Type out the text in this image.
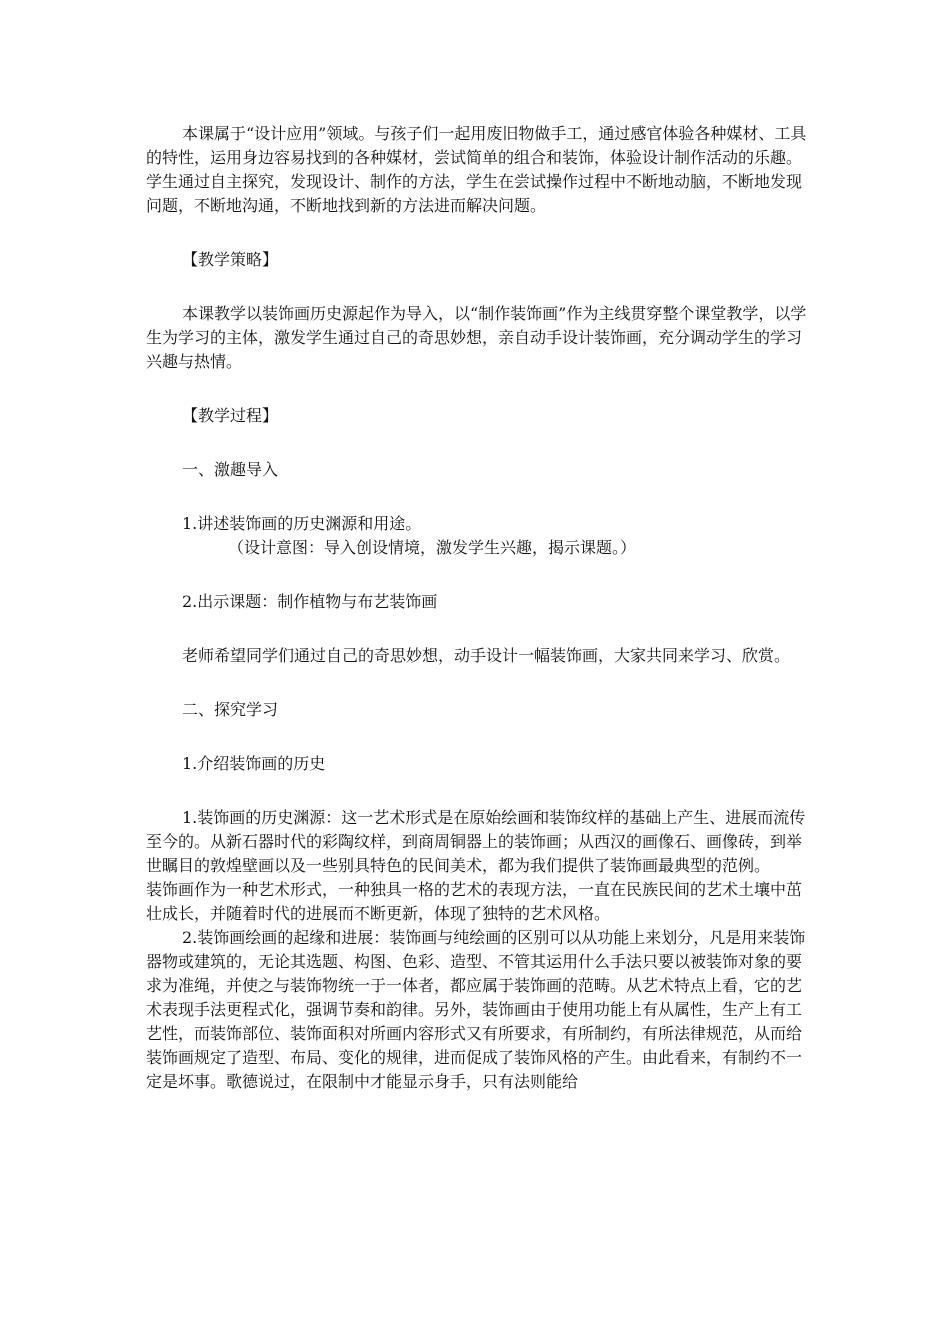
本课属于“设计应用”领域。与孩子们一起用废旧物做手工，通过感官体验各种媒材、工具的特性，运用身边容易找到的各种媒材，尝试简单的组合和装饰，体验设计制作活动的乐趣。学生通过自主探究，发现设计、制作的方法，学生在尝试操作过程中不断地动脑，不断地发现问题，不断地沟通，不断地找到新的方法进而解决问题。

【教学策略】

本课教学以装饰画历史源起作为导入，以“制作装饰画”作为主线贯穿整个课堂教学，以学生为学习的主体，激发学生通过自己的奇思妙想，亲自动手设计装饰画，充分调动学生的学习兴趣与热情。

【教学过程】

一、激趣导入

1.讲述装饰画的历史渊源和用途。

（设计意图：导入创设情境，激发学生兴趣，揭示课题。）

2.出示课题：制作植物与布艺装饰画

老师希望同学们通过自己的奇思妙想，动手设计一幅装饰画，大家共同来学习、欣赏。

二、探究学习

1.介绍装饰画的历史

1.装饰画的历史渊源：这一艺术形式是在原始绘画和装饰纹样的基础上产生、进展而流传至今的。从新石器时代的彩陶纹样，到商周铜器上的装饰画；从西汉的画像石、画像砖，到举世瞩目的敦煌壁画以及一些别具特色的民间美术，都为我们提供了装饰画最典型的范例。

装饰画作为一种艺术形式，一种独具一格的艺术的表现方法，一直在民族民间的艺术土壤中茁壮成长，并随着时代的进展而不断更新，体现了独特的艺术风格。

2.装饰画绘画的起缘和进展：装饰画与纯绘画的区别可以从功能上来划分，凡是用来装饰器物或建筑的，无论其选题、构图、色彩、造型、不管其运用什么手法只要以被装饰对象的要求为准绳，并使之与装饰物统一于一体者，都应属于装饰画的范畴。从艺术特点上看，它的艺术表现手法更程式化，强调节奏和韵律。另外，装饰画由于使用功能上有从属性，生产上有工艺性，而装饰部位、装饰面积对所画内容形式又有所要求，有所制约，有所法律规范，从而给装饰画规定了造型、布局、变化的规律，进而促成了装饰风格的产生。由此看来，有制约不一定是坏事。歌德说过，在限制中才能显示身手，只有法则能给
